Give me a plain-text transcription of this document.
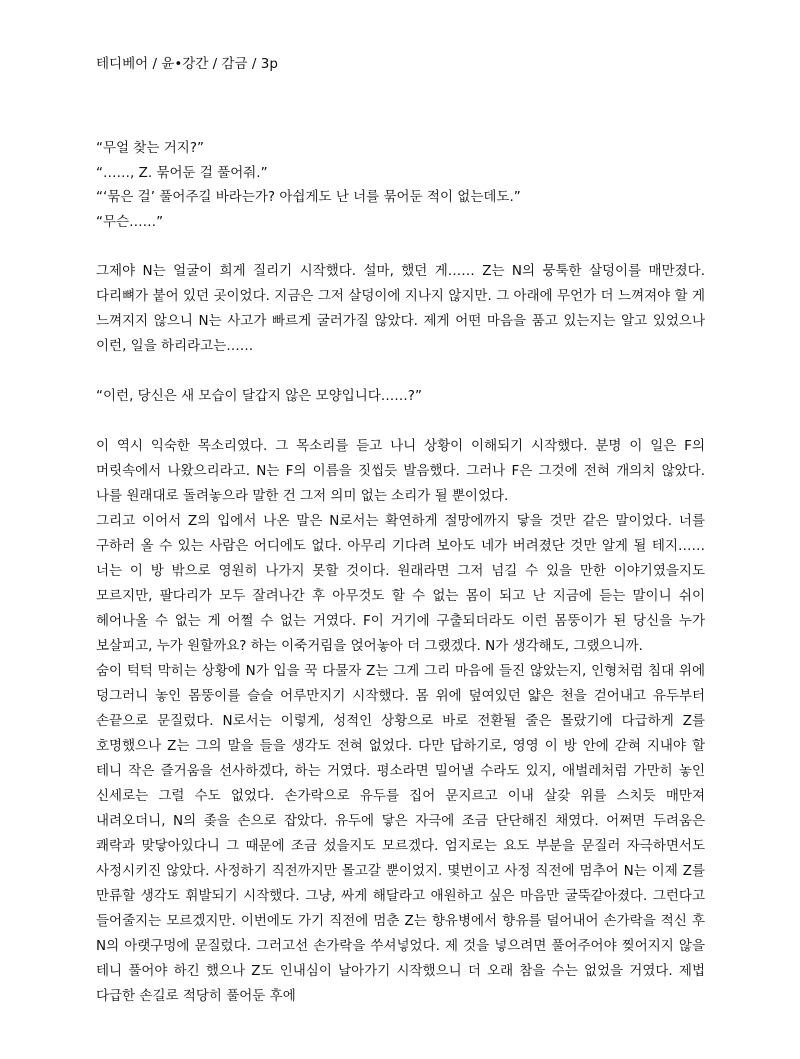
테디베어 / 윤•강간 / 감금 / 3p

“무얼 찾는 거지?”

“……, Z. 묶어둔 걸 풀어줘.”

“‘묶은 걸’ 풀어주길 바라는가? 아쉽게도 난 너를 묶어둔 적이 없는데도.”

“무슨……”

그제야 N는 얼굴이 희게 질리기 시작했다. 설마, 했던 게…… Z는 N의 뭉툭한 살덩이를 매만졌다. 다리뼈가 붙어 있던 곳이었다. 지금은 그저 살덩이에 지나지 않지만. 그 아래에 무언가 더 느껴져야 할 게 느껴지지 않으니 N는 사고가 빠르게 굴러가질 않았다. 제게 어떤 마음을 품고 있는지는 알고 있었으나 이런, 일을 하리라고는……

“이런, 당신은 새 모습이 달갑지 않은 모양입니다……?”

이 역시 익숙한 목소리였다. 그 목소리를 듣고 나니 상황이 이해되기 시작했다. 분명 이 일은 F의 머릿속에서 나왔으리라고. N는 F의 이름을 짓씹듯 발음했다. 그러나 F은 그것에 전혀 개의치 않았다. 나를 원래대로 돌려놓으라 말한 건 그저 의미 없는 소리가 될 뿐이었다.

그리고 이어서 Z의 입에서 나온 말은 N로서는 확연하게 절망에까지 닿을 것만 같은 말이었다. 너를 구하러 올 수 있는 사람은 어디에도 없다. 아무리 기다려 보아도 네가 버려졌단 것만 알게 될 테지…… 너는 이 방 밖으로 영원히 나가지 못할 것이다. 원래라면 그저 넘길 수 있을 만한 이야기였을지도 모르지만, 팔다리가 모두 잘려나간 후 아무것도 할 수 없는 몸이 되고 난 지금에 듣는 말이니 쉬이 헤어나올 수 없는 게 어쩔 수 없는 거였다. F이 거기에 구출되더라도 이런 몸뚱이가 된 당신을 누가 보살피고, 누가 원할까요? 하는 이죽거림을 얹어놓아 더 그랬겠다. N가 생각해도, 그랬으니까.

숨이 턱턱 막히는 상황에 N가 입을 꾹 다물자 Z는 그게 그리 마음에 들진 않았는지, 인형처럼 침대 위에 덩그러니 놓인 몸뚱이를 슬슬 어루만지기 시작했다. 몸 위에 덮여있던 얇은 천을 걷어내고 유두부터 손끝으로 문질렀다. N로서는 이렇게, 성적인 상황으로 바로 전환될 줄은 몰랐기에 다급하게 Z를 호명했으나 Z는 그의 말을 들을 생각도 전혀 없었다. 다만 답하기로, 영영 이 방 안에 갇혀 지내야 할 테니 작은 즐거움을 선사하겠다, 하는 거였다. 평소라면 밀어낼 수라도 있지, 애벌레처럼 가만히 놓인 신세로는 그럴 수도 없었다. 손가락으로 유두를 집어 문지르고 이내 살갗 위를 스치듯 매만져 내려오더니, N의 좆을 손으로 잡았다. 유두에 닿은 자극에 조금 단단해진 채였다. 어쩌면 두려움은 쾌락과 맞닿아있다니 그 때문에 조금 섰을지도 모르겠다. 엄지로는 요도 부분을 문질러 자극하면서도 사정시키진 않았다. 사정하기 직전까지만 몰고갈 뿐이었지. 몇번이고 사정 직전에 멈추어 N는 이제 Z를 만류할 생각도 휘발되기 시작했다. 그냥, 싸게 해달라고 애원하고 싶은 마음만 굴뚝같아졌다. 그런다고 들어줄지는 모르겠지만. 이번에도 가기 직전에 멈춘 Z는 향유병에서 향유를 덜어내어 손가락을 적신 후 N의 아랫구멍에 문질렀다. 그러고선 손가락을 쑤셔넣었다. 제 것을 넣으려면 풀어주어야 찢어지지 않을 테니 풀어야 하긴 했으나 Z도 인내심이 날아가기 시작했으니 더 오래 참을 수는 없었을 거였다. 제법 다급한 손길로 적당히 풀어둔 후에
